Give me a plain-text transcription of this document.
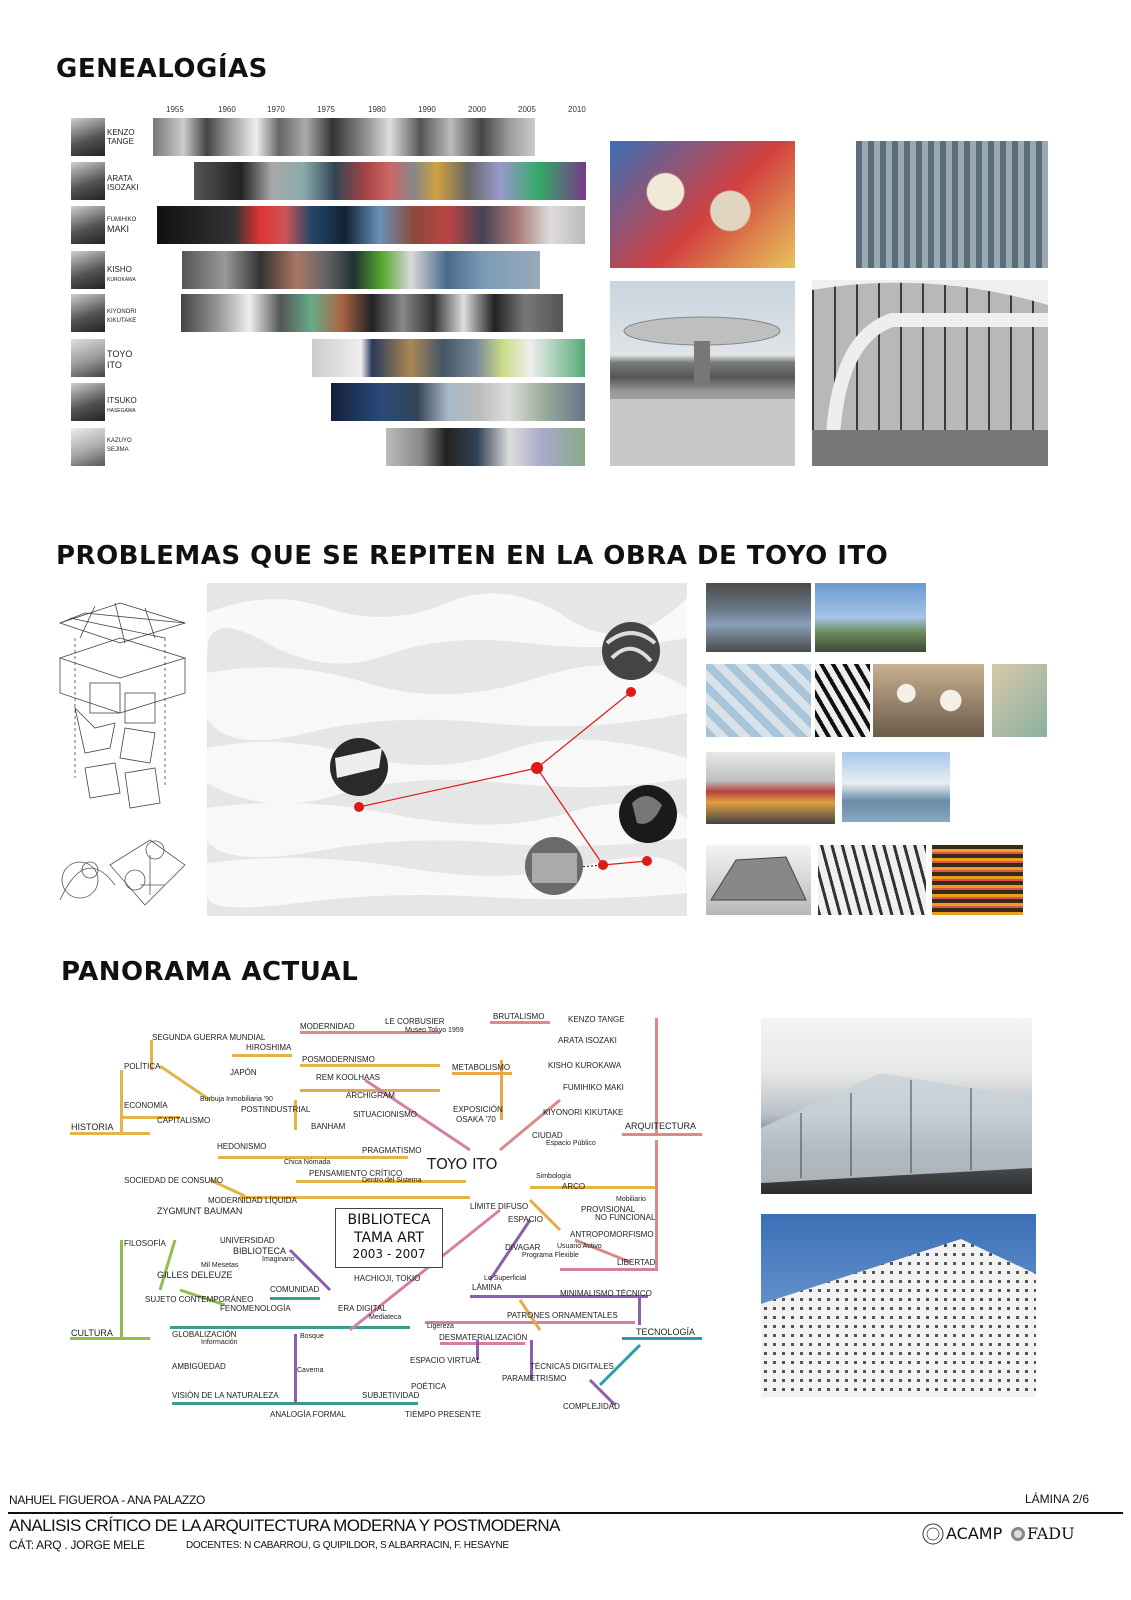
GENEALOGÍAS
1955	1960	1970	1975	1980	1990	2000	2005	2010
KENZO
TANGE
ARATA
ISOZAKI
FUMIHIKO
MAKI
KISHO
KUROKAWA
KIYONORI
KIKUTAKE
TOYO
ITO
ITSUKO
HASEGAWA
KAZUYO
SEJIMA
PROBLEMAS QUE SE REPITEN EN LA OBRA DE TOYO ITO
PANORAMA ACTUAL
HISTORIA	ARQUITECTURA
CULTURA	TECNOLOGÍA
BIBLIOTECA
TAMA ART
2003 - 2007
TOYO ITO
MODERNIDAD
LE CORBUSIER
Museo Tokyo 1959
BRUTALISMO	KENZO TANGE
SEGUNDA GUERRA MUNDIAL
HIROSHIMA
ARATA ISOZAKI
POSMODERNISMO
METABOLISMO
POLÍTICA
JAPÓN
REM KOOLHAAS
KISHO KUROKAWA
FUMIHIKO MAKI
ARCHIGRAM
Burbuja Inmobiliaria '90
POSTINDUSTRIAL
ECONOMÍA
SITUACIONISMO
EXPOSICIÓN
OSAKA '70
KIYONORI KIKUTAKE
CAPITALISMO
BANHAM
CIUDAD
Espacio Público
HEDONISMO	PRAGMATISMO
Chica Nómada
PENSAMIENTO CRÍTICO
Dentro del Sistema
Simbología
ARCO
SOCIEDAD DE CONSUMO
MODERNIDAD LÍQUIDA	Mobiliario
ZYGMUNT BAUMAN	LÍMITE DIFUSO	PROVISIONAL
NO FUNCIONAL
ESPACIO
FILOSOFÍA	UNIVERSIDAD
ANTROPOMORFISMO
BIBLIOTECA
Imaginario
DIVAGAR Usuario Activo
Programa Flexible
Mil Mesetas	LIBERTAD
GILLES DELEUZE	HACHIOJI, TOKIO	Lo Superficial
LÁMINA
COMUNIDAD	MINIMALISMO TÉCNICO
SUJETO CONTEMPORÁNEO
FENOMENOLOGÍA	ERA DIGITAL
PATRONES ORNAMENTALES
Mediateca
Ligereza
GLOBALIZACIÓN
Información
Bosque	DESMATERIALIZACIÓN
ESPACIO VIRTUAL
AMBIGÜEDAD	TÉCNICAS DIGITALES
Caverna
PARAMETRISMO
POÉTICA
VISIÓN DE LA NATURALEZA	SUBJETIVIDAD
COMPLEJIDAD
ANALOGÍA FORMAL	TIEMPO PRESENTE
NAHUEL FIGUEROA - ANA PALAZZO	LÁMINA 2/6
ANALISIS CRÍTICO DE LA ARQUITECTURA MODERNA Y POSTMODERNA
CÁT: ARQ . JORGE MELE	DOCENTES: N CABARROU, G QUIPILDOR, S ALBARRACIN, F. HESAYNE
ACAMP FADU
